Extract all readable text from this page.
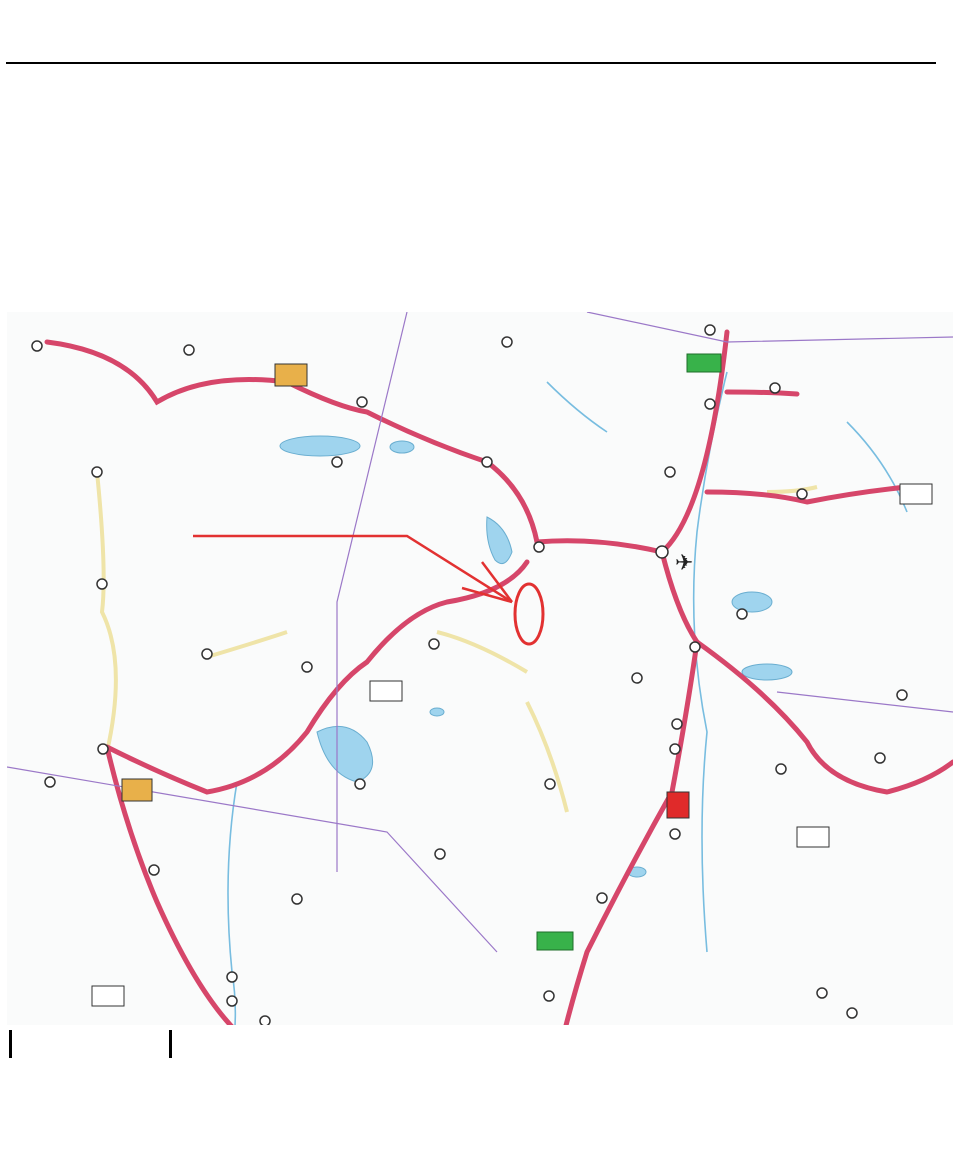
✈
